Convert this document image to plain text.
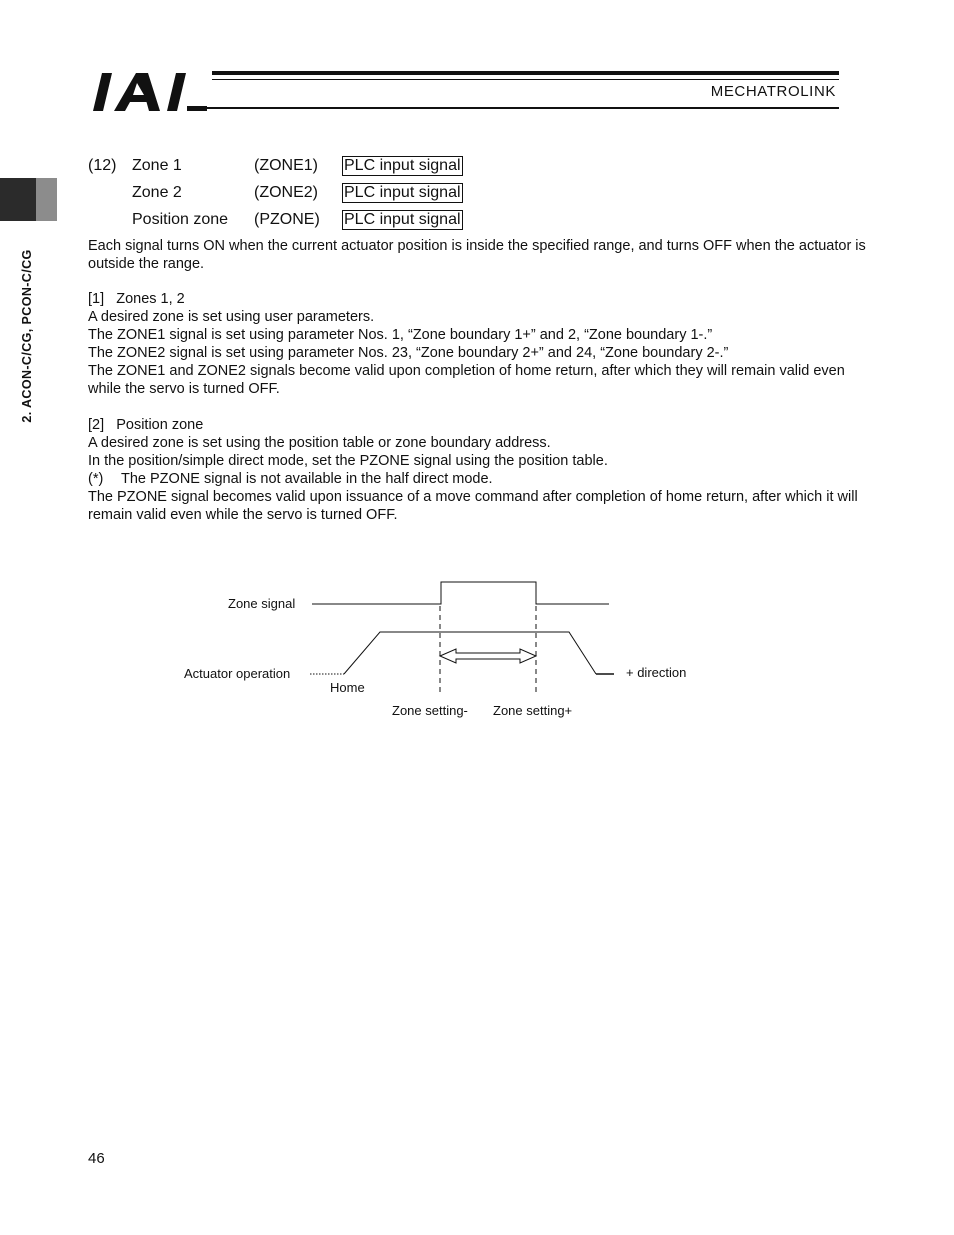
MECHATROLINK
2. ACON-C/CG, PCON-C/CG
(12) Zone 1	(ZONE1) PLC input signal
Zone 2	(ZONE2) PLC input signal
Position zone (PZONE) PLC input signal

Each signal turns ON when the current actuator position is inside the specified range, and turns OFF when the actuator is outside the range.

[1]   Zones 1, 2

A desired zone is set using user parameters.

The ZONE1 signal is set using parameter Nos. 1, “Zone boundary 1+” and 2, “Zone boundary 1-.”

The ZONE2 signal is set using parameter Nos. 23, “Zone boundary 2+” and 24, “Zone boundary 2-.”

The ZONE1 and ZONE2 signals become valid upon completion of home return, after which they will remain valid even while the servo is turned OFF.

[2]   Position zone

A desired zone is set using the position table or zone boundary address.

In the position/simple direct mode, set the PZONE signal using the position table.

(*) The PZONE signal is not available in the half direct mode.

The PZONE signal becomes valid upon issuance of a move command after completion of home return, after which it will remain valid even while the servo is turned OFF.

Zone signal
Actuator operation
Home
+ direction
Zone setting- Zone setting+
46
